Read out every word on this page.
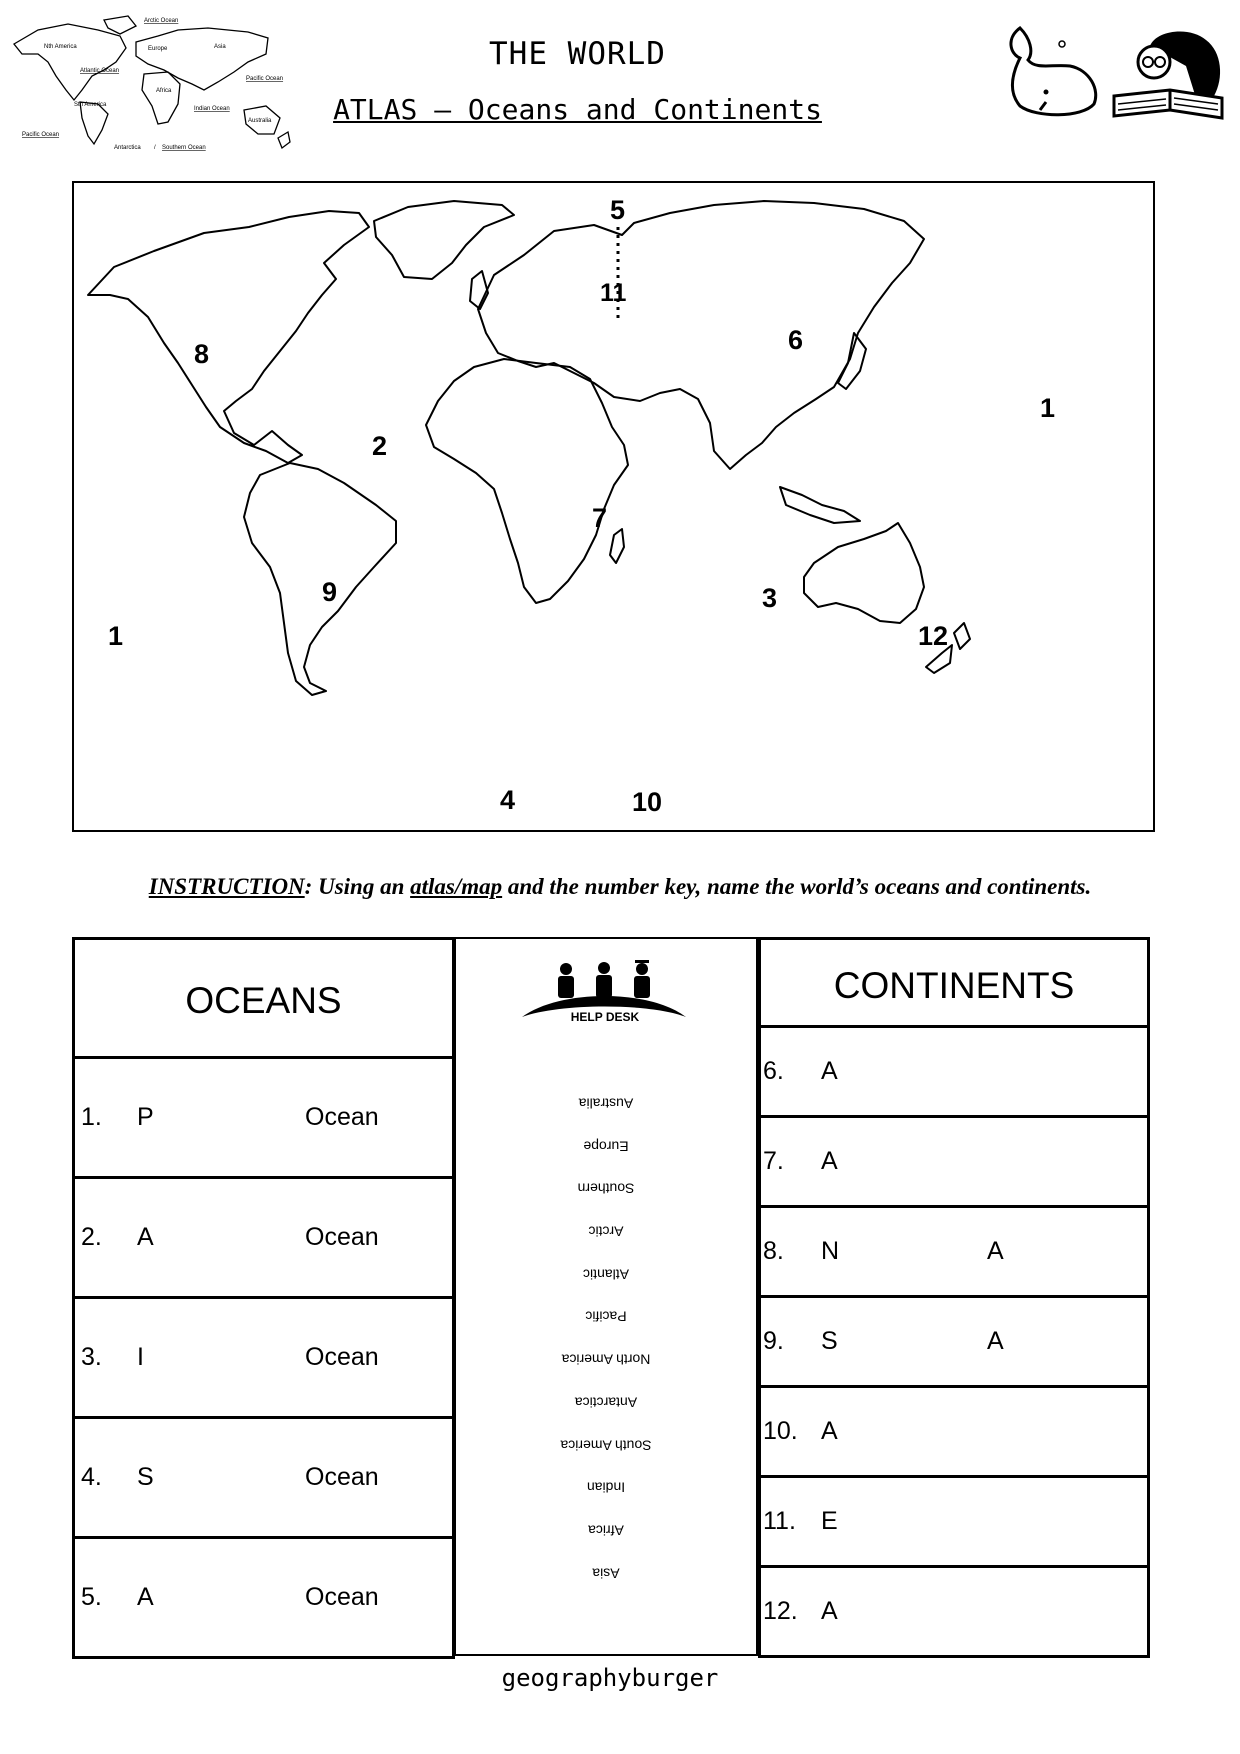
Arctic Ocean
Nth America	Europe	Asia
Atlantic Ocean
Pacific Ocean
Africa
Sth America
Indian Ocean
Australia
Pacific Ocean
Antarctica / Southern Ocean
THE WORLD
ATLAS – Oceans and Continents
5
11
8	6
1
2
7
9	3
1	12
4	10
INSTRUCTION: Using an atlas/map and the number key, name the world’s oceans and continents.
OCEANS
1. P	Ocean
2. A	Ocean
3. I	Ocean
4. S	Ocean
5. A	Ocean
HELP DESK
Australia
Europe
Southern
Arctic
Atlantic
Pacific
North America
Antarctica
South America
Indian
Africa
Asia
CONTINENTS
6. A
7. A
8. N	A
9. S	A
10. A
11. E
12. A
geographyburger
